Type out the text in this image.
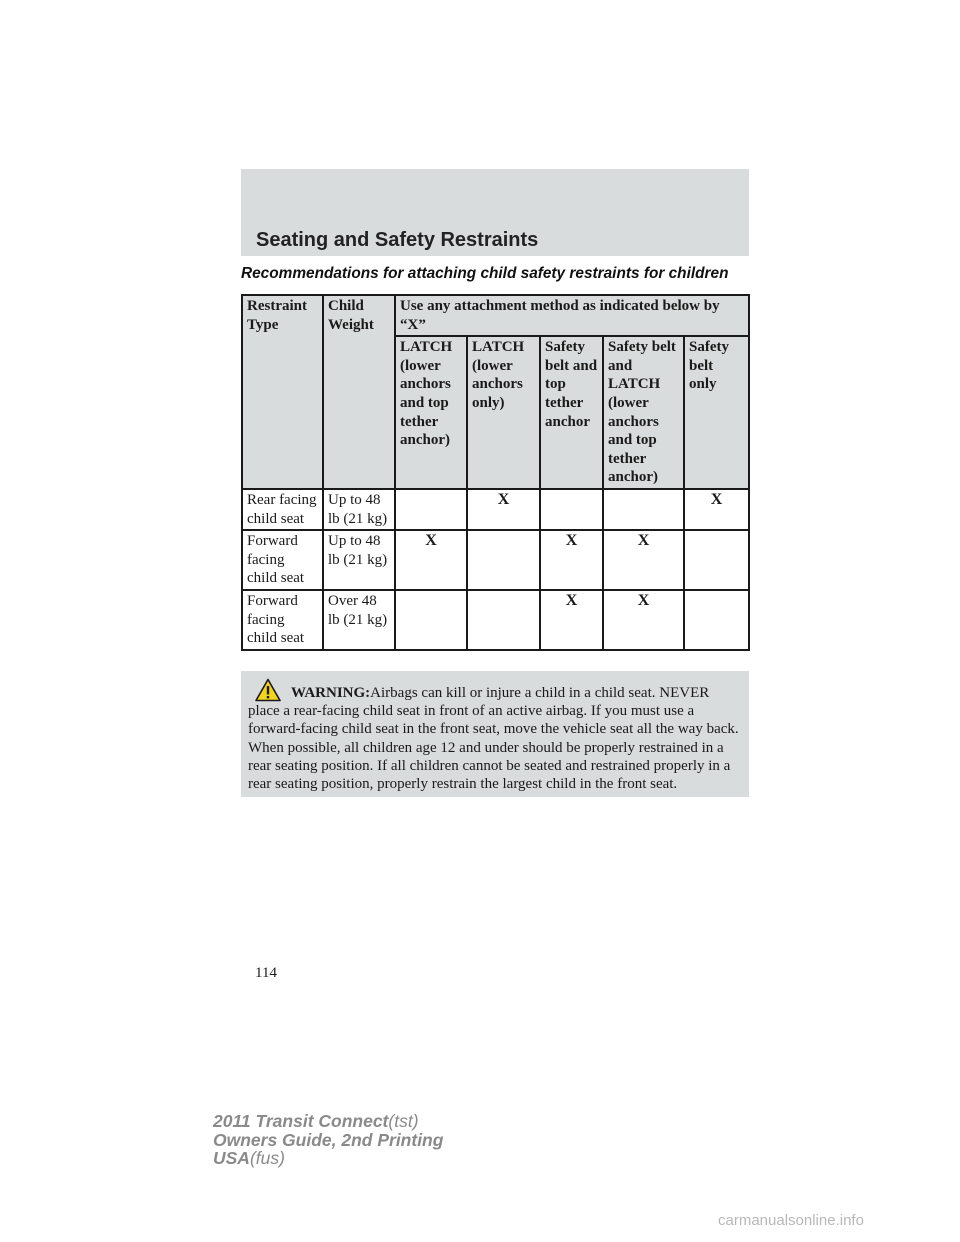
Seating and Safety Restraints
Recommendations for attaching child safety restraints for children
Restraint Type	Child Weight	Use any attachment method as indicated below by “X”				
		LATCH (lower anchors and top tether anchor)	LATCH (lower anchors only)	Safety belt and top tether anchor	Safety belt and LATCH (lower anchors and top tether anchor)	Safety belt only
Rear facing child seat	Up to 48 lb (21 kg)		X			X
Forward facing child seat	Up to 48 lb (21 kg)	X		X	X	
Forward facing child seat	Over 48 lb (21 kg)			X	X	
WARNING:Airbags can kill or injure a child in a child seat. NEVER place a rear-facing child seat in front of an active airbag. If you must use a forward-facing child seat in the front seat, move the vehicle seat all the way back. When possible, all children age 12 and under should be properly restrained in a rear seating position. If all children cannot be seated and restrained properly in a rear seating position, properly restrain the largest child in the front seat.
114
2011 Transit Connect(tst)
Owners Guide, 2nd Printing
USA(fus)
carmanualsonline.info
